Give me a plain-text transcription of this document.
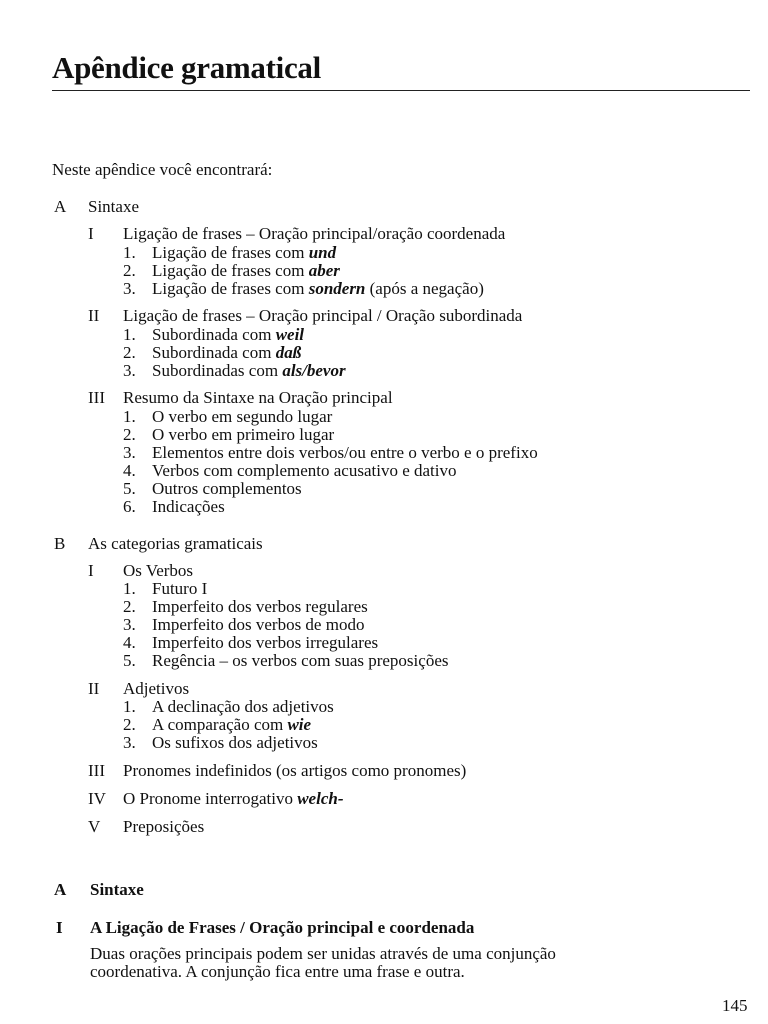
Apêndice gramatical
Neste apêndice você encontrará:
A Sintaxe
I Ligação de frases – Oração principal/oração coordenada
1. Ligação de frases com und
2. Ligação de frases com aber
3. Ligação de frases com sondern (após a negação)
II Ligação de frases – Oração principal / Oração subordinada
1. Subordinada com weil
2. Subordinada com daß
3. Subordinadas com als/bevor
III Resumo da Sintaxe na Oração principal
1. O verbo em segundo lugar
2. O verbo em primeiro lugar
3. Elementos entre dois verbos/ou entre o verbo e o prefixo
4. Verbos com complemento acusativo e dativo
5. Outros complementos
6. Indicações
B As categorias gramaticais
I Os Verbos
1. Futuro I
2. Imperfeito dos verbos regulares
3. Imperfeito dos verbos de modo
4. Imperfeito dos verbos irregulares
5. Regência – os verbos com suas preposições
II Adjetivos
1. A declinação dos adjetivos
2. A comparação com wie
3. Os sufixos dos adjetivos
III Pronomes indefinidos (os artigos como pronomes)
IV O Pronome interrogativo welch-
V Preposições
A Sintaxe
I A Ligação de Frases / Oração principal e coordenada
Duas orações principais podem ser unidas através de uma conjunção
coordenativa. A conjunção fica entre uma frase e outra.
145
